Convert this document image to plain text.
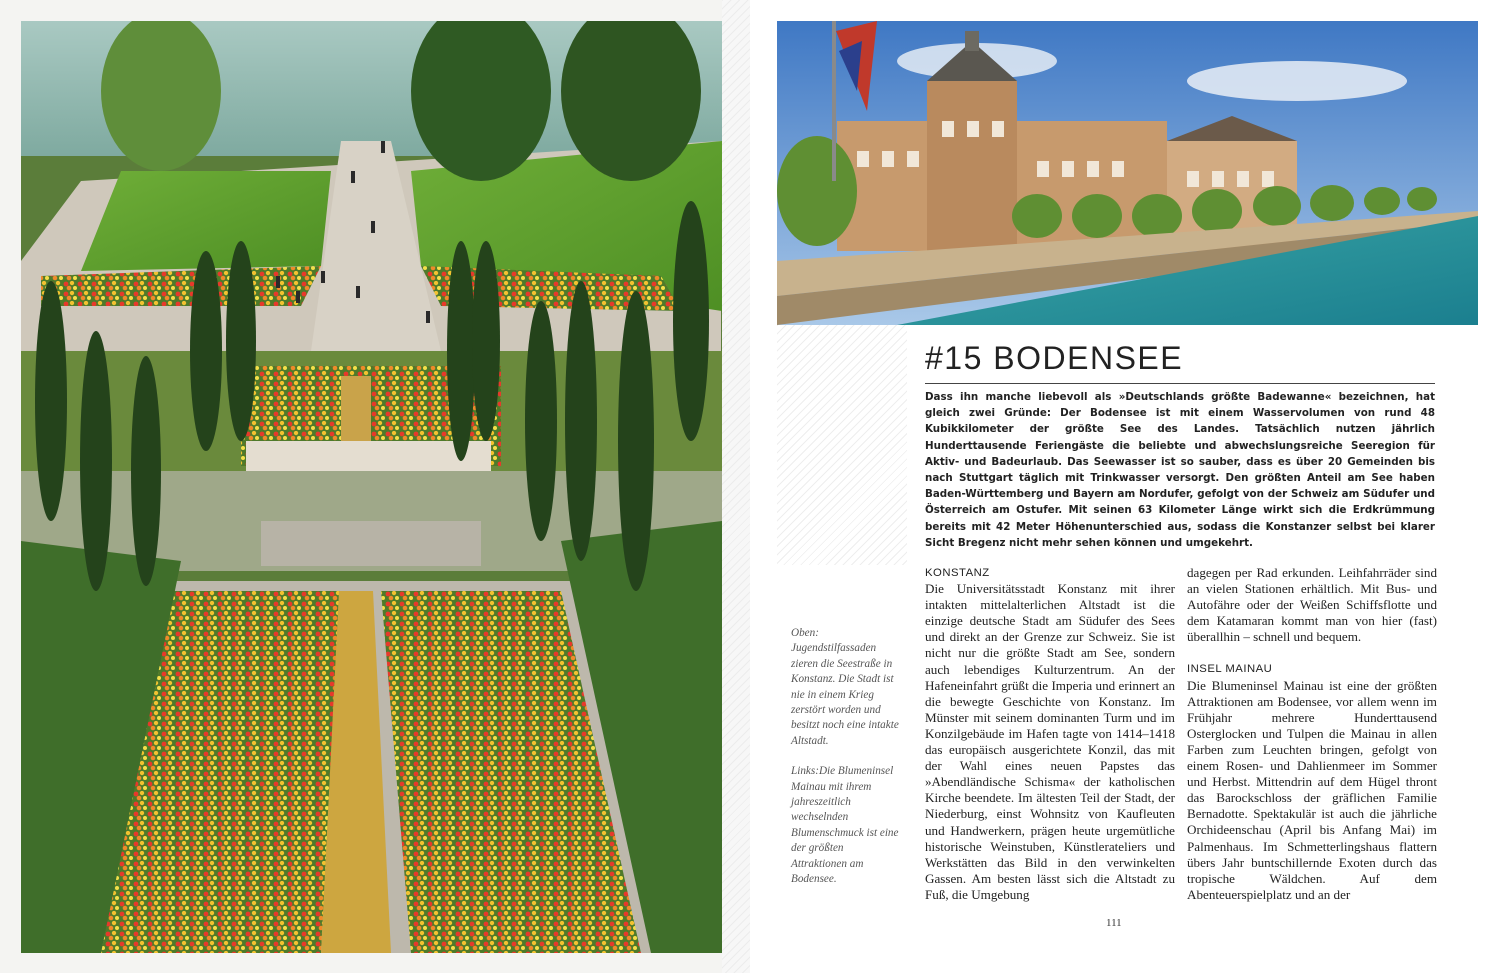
#15 BODENSEE

Dass ihn manche liebevoll als »Deutschlands größte Badewanne« bezeichnen, hat gleich zwei Gründe: Der Bodensee ist mit einem Wasservolumen von rund 48 Kubikkilometer der größte See des Landes. Tatsächlich nutzen jährlich Hunderttausende Feriengäste die beliebte und abwechslungsreiche Seeregion für Aktiv- und Badeurlaub. Das Seewasser ist so sauber, dass es über 20 Gemeinden bis nach Stuttgart täglich mit Trinkwasser versorgt. Den größten Anteil am See haben Baden-Württemberg und Bayern am Nordufer, gefolgt von der Schweiz am Südufer und Österreich am Ostufer. Mit seinen 63 Kilometer Länge wirkt sich die Erdkrümmung bereits mit 42 Meter Höhenunterschied aus, sodass die Konstanzer selbst bei klarer Sicht Bregenz nicht mehr sehen können und umgekehrt.

KONSTANZ

Die Universitätsstadt Konstanz mit ihrer intakten mittelalterlichen Altstadt ist die einzige deutsche Stadt am Südufer des Sees und direkt an der Grenze zur Schweiz. Sie ist nicht nur die größte Stadt am See, sondern auch lebendiges Kulturzentrum. An der Hafeneinfahrt grüßt die Imperia und erinnert an die bewegte Geschichte von Konstanz. Im Münster mit seinem dominanten Turm und im Konzilgebäude im Hafen tagte von 1414–1418 das europäisch ausgerichtete Konzil, das mit der Wahl eines neuen Papstes das »Abendländische Schisma« der katholischen Kirche beendete. Im ältesten Teil der Stadt, der Niederburg, einst Wohnsitz von Kaufleuten und Handwerkern, prägen heute urgemütliche historische Weinstuben, Künstlerateliers und Werkstätten das Bild in den verwinkelten Gassen. Am besten lässt sich die Altstadt zu Fuß, die Umgebung

dagegen per Rad erkunden. Leihfahrräder sind an vielen Stationen erhältlich. Mit Bus- und Autofähre oder der Weißen Schiffsflotte und dem Katamaran kommt man von hier (fast) überallhin – schnell und bequem.

INSEL MAINAU

Die Blumeninsel Mainau ist eine der größten Attraktionen am Bodensee, vor allem wenn im Frühjahr mehrere Hunderttausend Osterglocken und Tulpen die Mainau in allen Farben zum Leuchten bringen, gefolgt von einem Rosen- und Dahlienmeer im Sommer und Herbst. Mittendrin auf dem Hügel thront das Barockschloss der gräflichen Familie Bernadotte. Spektakulär ist auch die jährliche Orchideenschau (April bis Anfang Mai) im Palmenhaus. Im Schmetterlingshaus flattern übers Jahr buntschillernde Exoten durch das tropische Wäldchen. Auf dem Abenteuerspielplatz und an der

Oben: Jugendstilfassaden zieren die Seestraße in Konstanz. Die Stadt ist nie in einem Krieg zerstört worden und besitzt noch eine intakte Altstadt.

Links:Die Blumeninsel Mainau mit ihrem jahreszeitlich wechselnden Blumenschmuck ist eine der größten Attraktionen am Bodensee.

111
